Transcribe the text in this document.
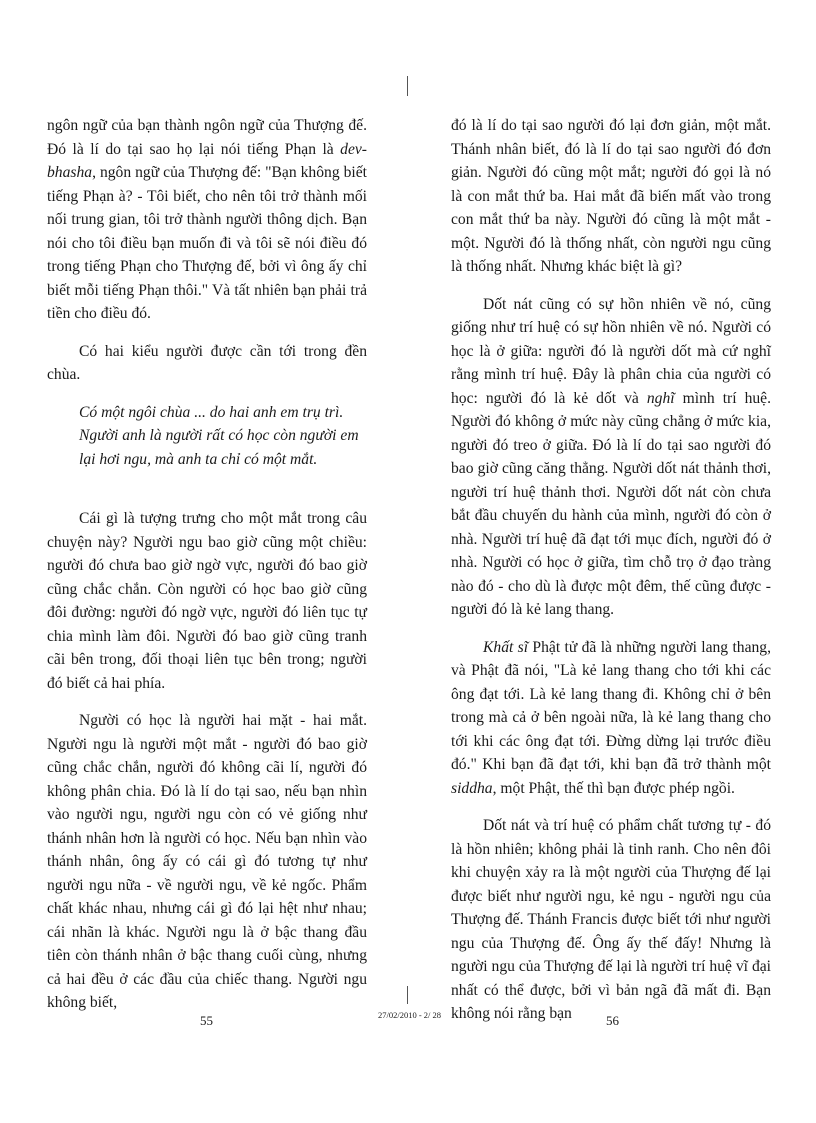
ngôn ngữ của bạn thành ngôn ngữ của Thượng đế. Đó là lí do tại sao họ lại nói tiếng Phạn là dev-bhasha, ngôn ngữ của Thượng đế: "Bạn không biết tiếng Phạn à? - Tôi biết, cho nên tôi trở thành mối nối trung gian, tôi trở thành người thông dịch. Bạn nói cho tôi điều bạn muốn đi và tôi sẽ nói điều đó trong tiếng Phạn cho Thượng đế, bởi vì ông ấy chỉ biết mỗi tiếng Phạn thôi." Và tất nhiên bạn phải trả tiền cho điều đó.

Có hai kiểu người được cần tới trong đền chùa.

Có một ngôi chùa ... do hai anh em trụ trì.
Người anh là người rất có học còn người em
lại hơi ngu, mà anh ta chỉ có một mắt.

Cái gì là tượng trưng cho một mắt trong câu chuyện này? Người ngu bao giờ cũng một chiều: người đó chưa bao giờ ngờ vực, người đó bao giờ cũng chắc chắn. Còn người có học bao giờ cũng đôi đường: người đó ngờ vực, người đó liên tục tự chia mình làm đôi. Người đó bao giờ cũng tranh cãi bên trong, đối thoại liên tục bên trong; người đó biết cả hai phía.

Người có học là người hai mặt - hai mắt. Người ngu là người một mắt - người đó bao giờ cũng chắc chắn, người đó không cãi lí, người đó không phân chia. Đó là lí do tại sao, nếu bạn nhìn vào người ngu, người ngu còn có vẻ giống như thánh nhân hơn là người có học. Nếu bạn nhìn vào thánh nhân, ông ấy có cái gì đó tương tự như người ngu nữa - về người ngu, về kẻ ngốc. Phẩm chất khác nhau, nhưng cái gì đó lại hệt như nhau; cái nhãn là khác. Người ngu là ở bậc thang đầu tiên còn thánh nhân ở bậc thang cuối cùng, nhưng cả hai đều ở các đầu của chiếc thang. Người ngu không biết,

đó là lí do tại sao người đó lại đơn giản, một mắt. Thánh nhân biết, đó là lí do tại sao người đó đơn giản. Người đó cũng một mắt; người đó gọi là nó là con mắt thứ ba. Hai mắt đã biến mất vào trong con mắt thứ ba này. Người đó cũng là một mắt - một. Người đó là thống nhất, còn người ngu cũng là thống nhất. Nhưng khác biệt là gì?

Dốt nát cũng có sự hồn nhiên về nó, cũng giống như trí huệ có sự hồn nhiên về nó. Người có học là ở giữa: người đó là người dốt mà cứ nghĩ rằng mình trí huệ. Đây là phân chia của người có học: người đó là kẻ dốt và nghĩ mình trí huệ. Người đó không ở mức này cũng chẳng ở mức kia, người đó treo ở giữa. Đó là lí do tại sao người đó bao giờ cũng căng thẳng. Người dốt nát thảnh thơi, người trí huệ thảnh thơi. Người dốt nát còn chưa bắt đầu chuyến du hành của mình, người đó còn ở nhà. Người trí huệ đã đạt tới mục đích, người đó ở nhà. Người có học ở giữa, tìm chỗ trọ ở đạo tràng nào đó - cho dù là được một đêm, thế cũng được - người đó là kẻ lang thang.

Khất sĩ Phật tử đã là những người lang thang, và Phật đã nói, "Là kẻ lang thang cho tới khi các ông đạt tới. Là kẻ lang thang đi. Không chỉ ở bên trong mà cả ở bên ngoài nữa, là kẻ lang thang cho tới khi các ông đạt tới. Đừng dừng lại trước điều đó." Khi bạn đã đạt tới, khi bạn đã trở thành một siddha, một Phật, thế thì bạn được phép ngồi.

Dốt nát và trí huệ có phẩm chất tương tự - đó là hồn nhiên; không phải là tinh ranh. Cho nên đôi khi chuyện xảy ra là một người của Thượng đế lại được biết như người ngu, kẻ ngu - người ngu của Thượng đế. Thánh Francis được biết tới như người ngu của Thượng đế. Ông ấy thế đấy! Nhưng là người ngu của Thượng đế lại là người trí huệ vĩ đại nhất có thể được, bởi vì bản ngã đã mất đi. Bạn không nói rằng bạn

55	27/02/2010 - 2/ 28	56
